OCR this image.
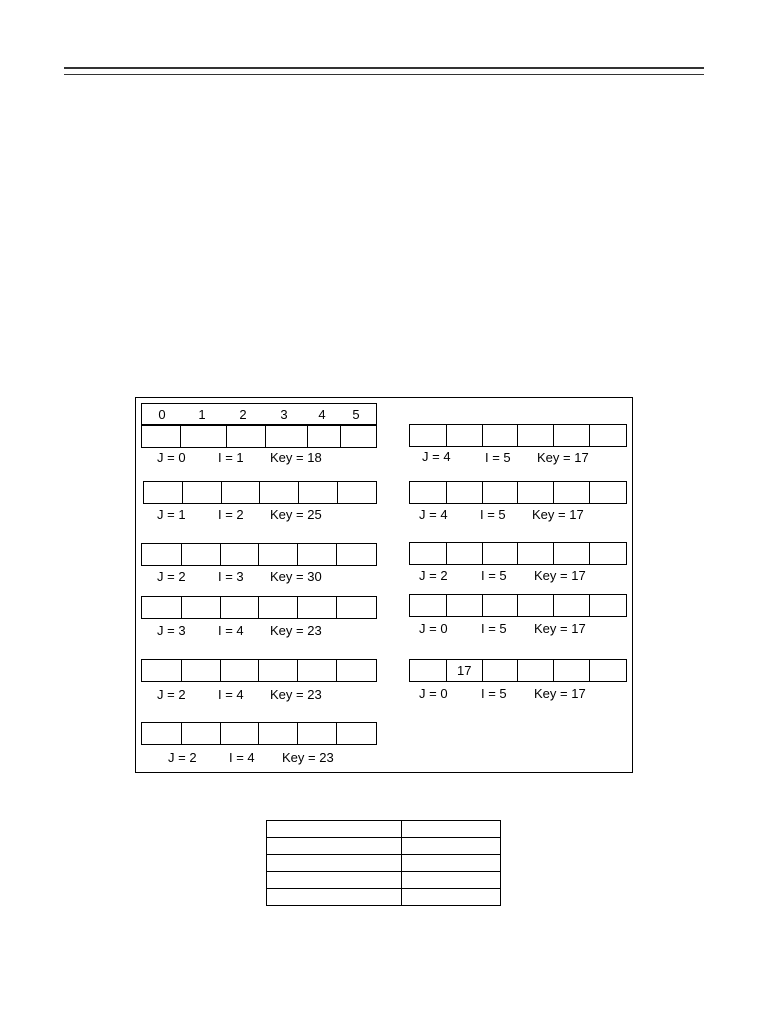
0	1	2	3 4 5
J = 0 I = 1 Key = 18
J = 1 I = 2 Key = 25
J = 2 I = 3 Key = 30
J = 3 I = 4 Key = 23
J = 2 I = 4 Key = 23
J = 2 I = 4 Key = 23
J = 4	I = 5 Key = 17
J = 4 I = 5 Key = 17
J = 2	I = 5 Key = 17
J = 0	I = 5 Key = 17
17
J = 0	I = 5 Key = 17
